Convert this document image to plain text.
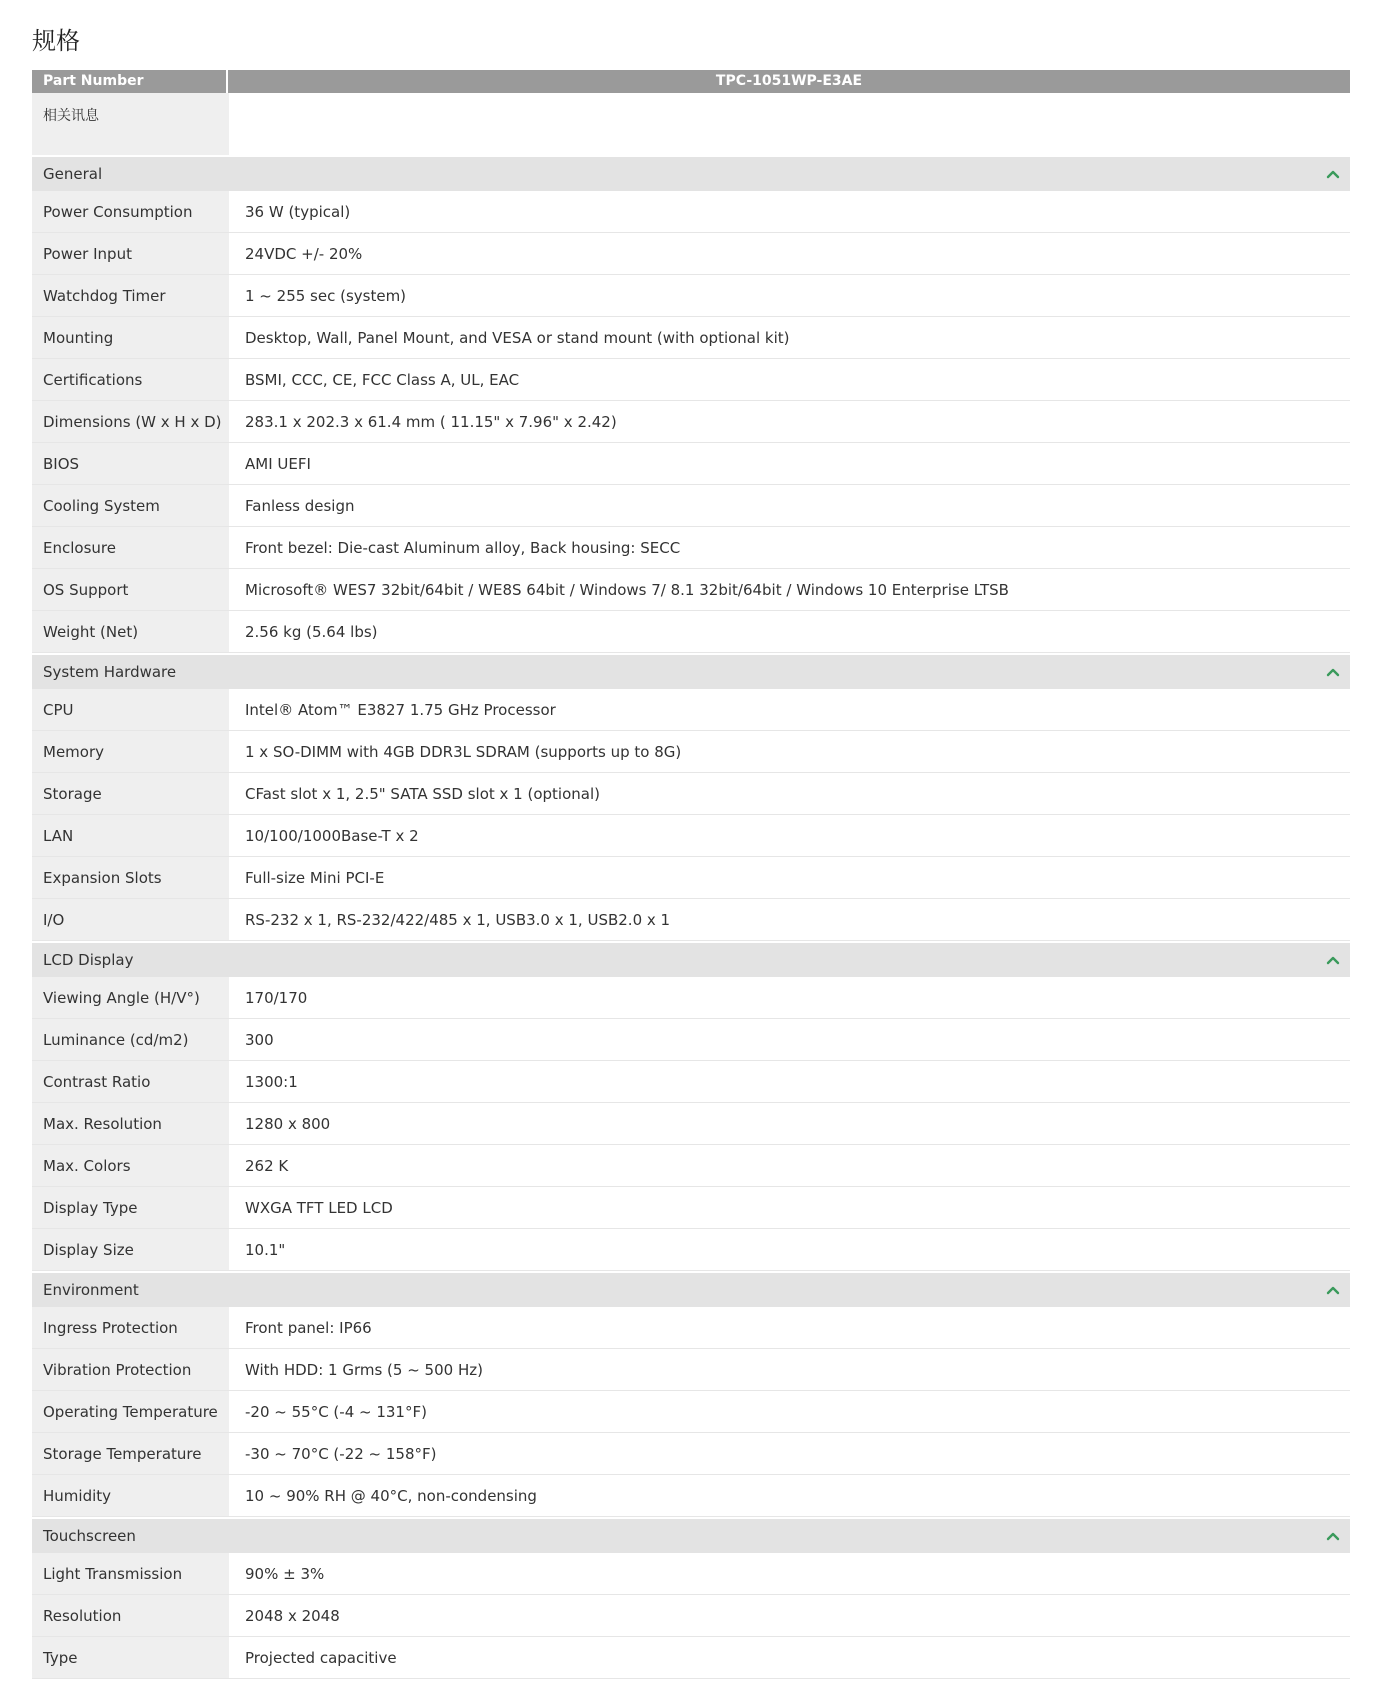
规格
Part Number	TPC-1051WP-E3AE
相关讯息
General
Power Consumption	36 W (typical)
Power Input	24VDC +/- 20%
Watchdog Timer	1 ~ 255 sec (system)
Mounting	Desktop, Wall, Panel Mount, and VESA or stand mount (with optional kit)
Certifications	BSMI, CCC, CE, FCC Class A, UL, EAC
Dimensions (W x H x D)	283.1 x 202.3 x 61.4 mm ( 11.15" x 7.96" x 2.42)
BIOS	AMI UEFI
Cooling System	Fanless design
Enclosure	Front bezel: Die-cast Aluminum alloy, Back housing: SECC
OS Support	Microsoft® WES7 32bit/64bit / WE8S 64bit / Windows 7/ 8.1 32bit/64bit / Windows 10 Enterprise LTSB
Weight (Net)	2.56 kg (5.64 lbs)
System Hardware
CPU	Intel® Atom™ E3827 1.75 GHz Processor
Memory	1 x SO-DIMM with 4GB DDR3L SDRAM (supports up to 8G)
Storage	CFast slot x 1, 2.5" SATA SSD slot x 1 (optional)
LAN	10/100/1000Base-T x 2
Expansion Slots	Full-size Mini PCI-E
I/O	RS-232 x 1, RS-232/422/485 x 1, USB3.0 x 1, USB2.0 x 1
LCD Display
Viewing Angle (H/V°)	170/170
Luminance (cd/m2)	300
Contrast Ratio	1300:1
Max. Resolution	1280 x 800
Max. Colors	262 K
Display Type	WXGA TFT LED LCD
Display Size	10.1"
Environment
Ingress Protection	Front panel: IP66
Vibration Protection	With HDD: 1 Grms (5 ~ 500 Hz)
Operating Temperature	-20 ~ 55°C (-4 ~ 131°F)
Storage Temperature	-30 ~ 70°C (-22 ~ 158°F)
Humidity	10 ~ 90% RH @ 40°C, non-condensing
Touchscreen
Light Transmission	90% ± 3%
Resolution	2048 x 2048
Type	Projected capacitive
